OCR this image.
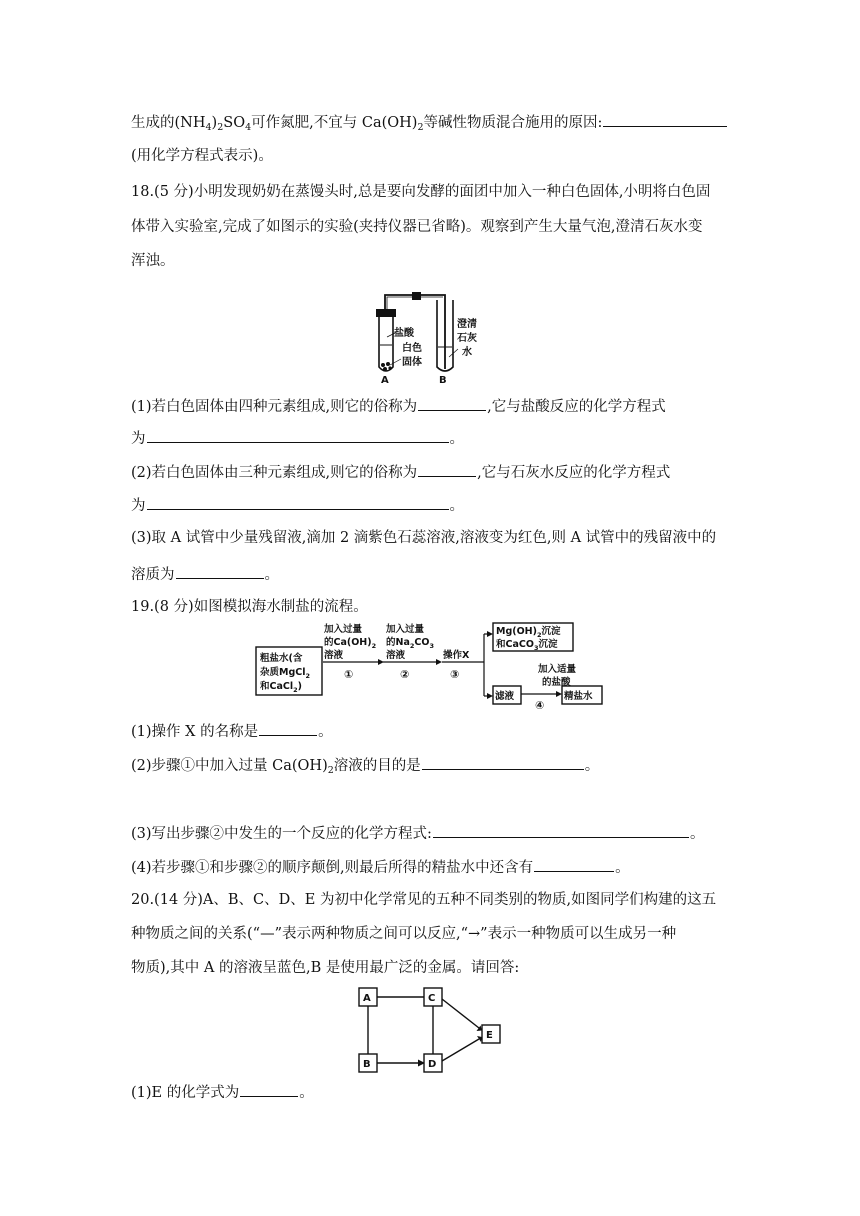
生成的$(NH_4)_2SO_4$可作氮肥,不宜与 $Ca(OH)_2$等碱性物质混合施用的原因:
(用化学方程式表示)。
18.(5 分)小明发现奶奶在蒸馒头时,总是要向发酵的面团中加入一种白色固体,小明将白色固
体带入实验室,完成了如图示的实验(夹持仪器已省略)。观察到产生大量气泡,澄清石灰水变
浑浊。
盐酸
白色
固体
澄清
石灰
水
A	B
(1)若白色固体由四种元素组成,则它的俗称为	,它与盐酸反应的化学方程式
为	。
(2)若白色固体由三种元素组成,则它的俗称为	,它与石灰水反应的化学方程式
为	。
(3)取 A 试管中少量残留液,滴加 2 滴紫色石蕊溶液,溶液变为红色,则 A 试管中的残留液中的
溶质为	。
19.(8 分)如图模拟海水制盐的流程。
粗盐水(含
杂质MgCl$_2$
和CaCl$_2$)
加入过量
的$Ca(OH)_2$
溶液
①
加入过量
的$Na_2CO_3$
溶液
②
操作X
③
$Mg(OH)_2$沉淀
和CaCO$_3$沉淀
滤液
加入适量
的盐酸
④
精盐水
(1)操作 X 的名称是	。
(2)步骤①中加入过量 $Ca(OH)_2$溶液的目的是	。
(3)写出步骤②中发生的一个反应的化学方程式:	。
(4)若步骤①和步骤②的顺序颠倒,则最后所得的精盐水中还含有	。
20.(14 分)A、B、C、D、E 为初中化学常见的五种不同类别的物质,如图同学们构建的这五
种物质之间的关系(“—”表示两种物质之间可以反应,“→”表示一种物质可以生成另一种
物质),其中 A 的溶液呈蓝色,B 是使用最广泛的金属。请回答:
A	C
B	D
E
(1)E 的化学式为	。
